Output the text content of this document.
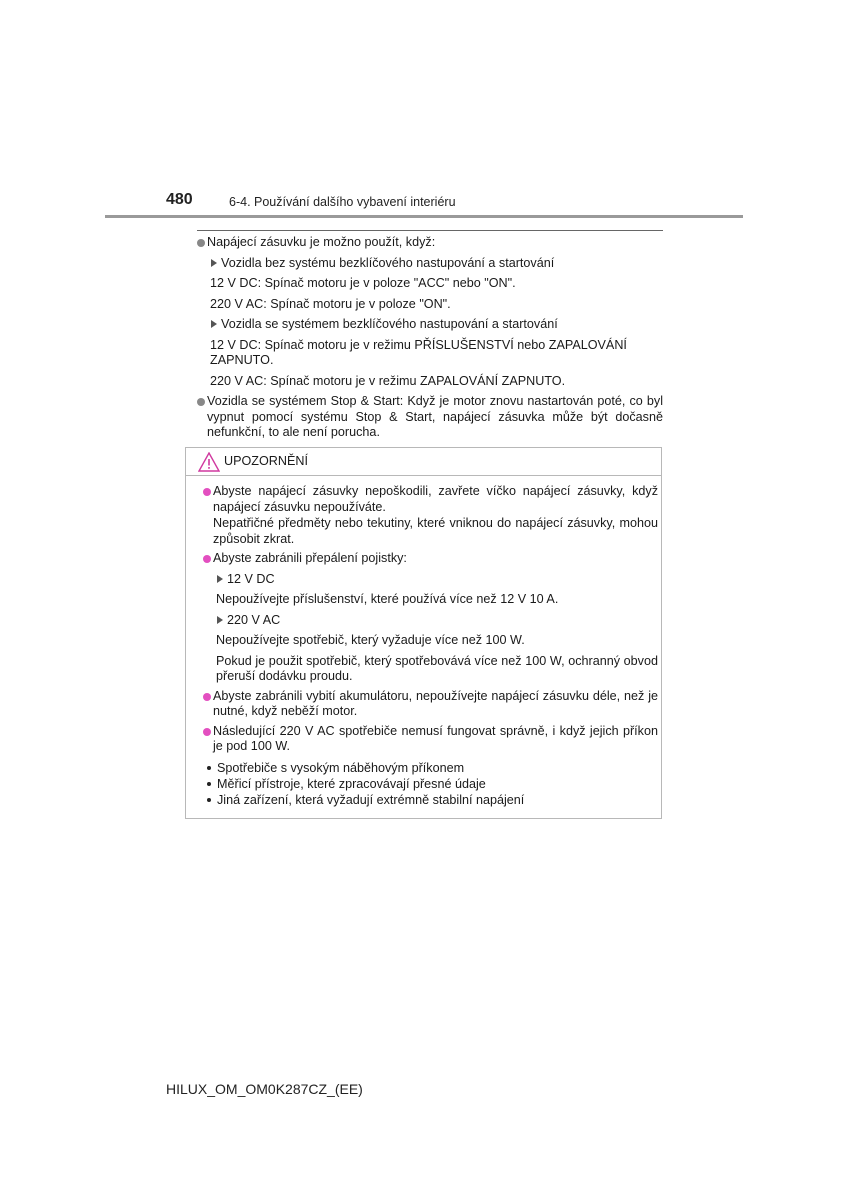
480	6-4. Používání dalšího vybavení interiéru
Napájecí zásuvku je možno použít, když:
Vozidla bez systému bezklíčového nastupování a startování
12 V DC: Spínač motoru je v poloze "ACC" nebo "ON".
220 V AC: Spínač motoru je v poloze "ON".
Vozidla se systémem bezklíčového nastupování a startování
12 V DC: Spínač motoru je v režimu PŘÍSLUŠENSTVÍ nebo ZAPALOVÁNÍ ZAPNUTO.
220 V AC: Spínač motoru je v režimu ZAPALOVÁNÍ ZAPNUTO.
Vozidla se systémem Stop & Start: Když je motor znovu nastartován poté, co byl vypnut pomocí systému Stop & Start, napájecí zásuvka může být dočasně nefunkční, to ale není porucha.
UPOZORNĚNÍ
Abyste napájecí zásuvky nepoškodili, zavřete víčko napájecí zásuvky, když napájecí zásuvku nepoužíváte.
Nepatřičné předměty nebo tekutiny, které vniknou do napájecí zásuvky, mohou způsobit zkrat.
Abyste zabránili přepálení pojistky:
12 V DC
Nepoužívejte příslušenství, které používá více než 12 V 10 A.
220 V AC
Nepoužívejte spotřebič, který vyžaduje více než 100 W.
Pokud je použit spotřebič, který spotřebovává více než 100 W, ochranný obvod přeruší dodávku proudu.
Abyste zabránili vybití akumulátoru, nepoužívejte napájecí zásuvku déle, než je nutné, když neběží motor.
Následující 220 V AC spotřebiče nemusí fungovat správně, i když jejich příkon je pod 100 W.
Spotřebiče s vysokým náběhovým příkonem
Měřicí přístroje, které zpracovávají přesné údaje
Jiná zařízení, která vyžadují extrémně stabilní napájení
HILUX_OM_OM0K287CZ_(EE)
